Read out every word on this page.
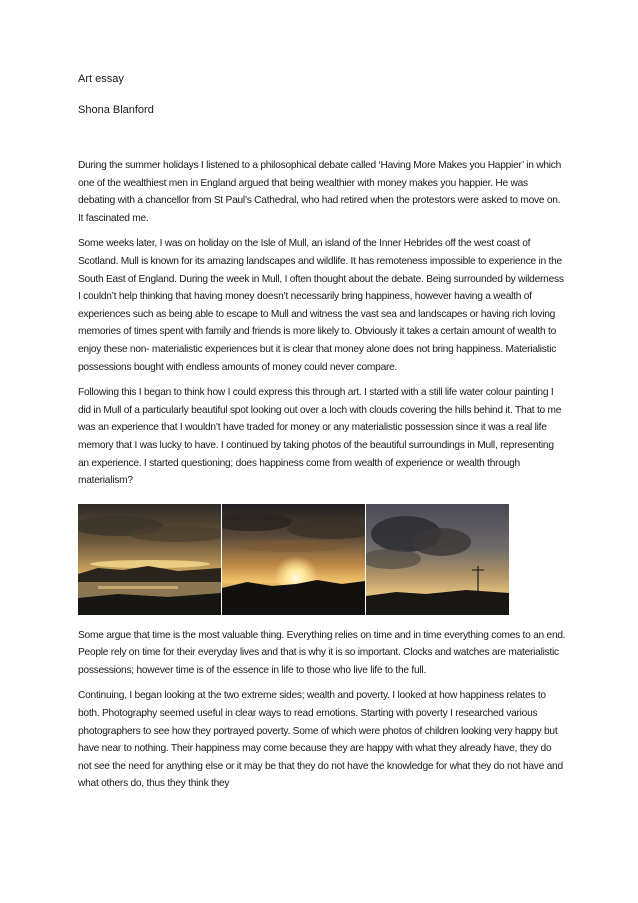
Art essay

Shona Blanford

During the summer holidays I listened to a philosophical debate called ‘Having More Makes you Happier’ in which one of the wealthiest men in England argued that being wealthier with money makes you happier. He was debating with a chancellor from St Paul’s Cathedral, who had retired when the protestors were asked to move on. It fascinated me.

Some weeks later, I was on holiday on the Isle of Mull, an island of the Inner Hebrides off the west coast of Scotland. Mull is known for its amazing landscapes and wildlife. It has remoteness impossible to experience in the South East of England. During the week in Mull, I often thought about the debate. Being surrounded by wilderness I couldn’t help thinking that having money doesn’t necessarily bring happiness, however having a wealth of experiences such as being able to escape to Mull and witness the vast sea and landscapes or having rich loving memories of times spent with family and friends is more likely to. Obviously it takes a certain amount of wealth to enjoy these non- materialistic experiences but it is clear that money alone does not bring happiness. Materialistic possessions bought with endless amounts of money could never compare.

Following this I began to think how I could express this through art. I started with a still life water colour painting I did in Mull of a particularly beautiful spot looking out over a loch with clouds covering the hills behind it. That to me was an experience that I wouldn’t have traded for money or any materialistic possession since it was a real life memory that I was lucky to have. I continued by taking photos of the beautiful surroundings in Mull, representing an experience. I started questioning; does happiness come from wealth of experience or wealth through materialism?

Some argue that time is the most valuable thing. Everything relies on time and in time everything comes to an end. People rely on time for their everyday lives and that is why it is so important. Clocks and watches are materialistic possessions; however time is of the essence in life to those who live life to the full.

Continuing, I began looking at the two extreme sides; wealth and poverty. I looked at how happiness relates to both. Photography seemed useful in clear ways to read emotions. Starting with poverty I researched various photographers to see how they portrayed poverty. Some of which were photos of children looking very happy but have near to nothing. Their happiness may come because they are happy with what they already have, they do not see the need for anything else or it may be that they do not have the knowledge for what they do not have and what others do, thus they think they
